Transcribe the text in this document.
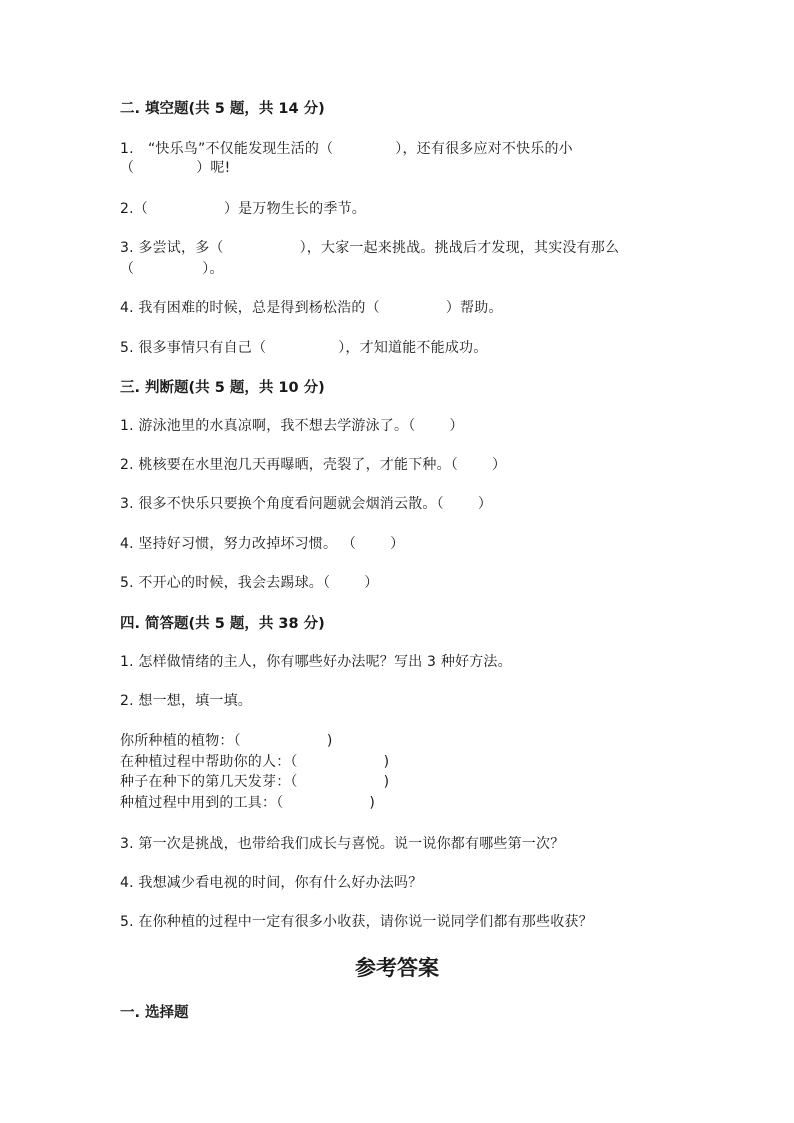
二. 填空题(共 5 题，共 14 分)
1.　“快乐鸟”不仅能发现生活的（	），还有很多应对不快乐的小
（	）呢!
2.（	）是万物生长的季节。
3. 多尝试，多（	），大家一起来挑战。挑战后才发现，其实没有那么
（	）。
4. 我有困难的时候，总是得到杨松浩的（	）帮助。
5. 很多事情只有自己（	），才知道能不能成功。
三. 判断题(共 5 题，共 10 分)
1. 游泳池里的水真凉啊，我不想去学游泳了。（ ）
2. 桃核要在水里泡几天再曝晒，壳裂了，才能下种。（ ）
3. 很多不快乐只要换个角度看问题就会烟消云散。（ ）
4. 坚持好习惯，努力改掉坏习惯。 （ ）
5. 不开心的时候，我会去踢球。（ ）
四. 简答题(共 5 题，共 38 分)
1. 怎样做情绪的主人，你有哪些好办法呢？写出 3 种好方法。
2. 想一想，填一填。
你所种植的植物：（	)
在种植过程中帮助你的人：（	)
种子在种下的第几天发芽：（	)
种植过程中用到的工具：（	)
3. 第一次是挑战，也带给我们成长与喜悦。说一说你都有哪些第一次？
4. 我想减少看电视的时间，你有什么好办法吗？
5. 在你种植的过程中一定有很多小收获，请你说一说同学们都有那些收获？
参考答案
一. 选择题
